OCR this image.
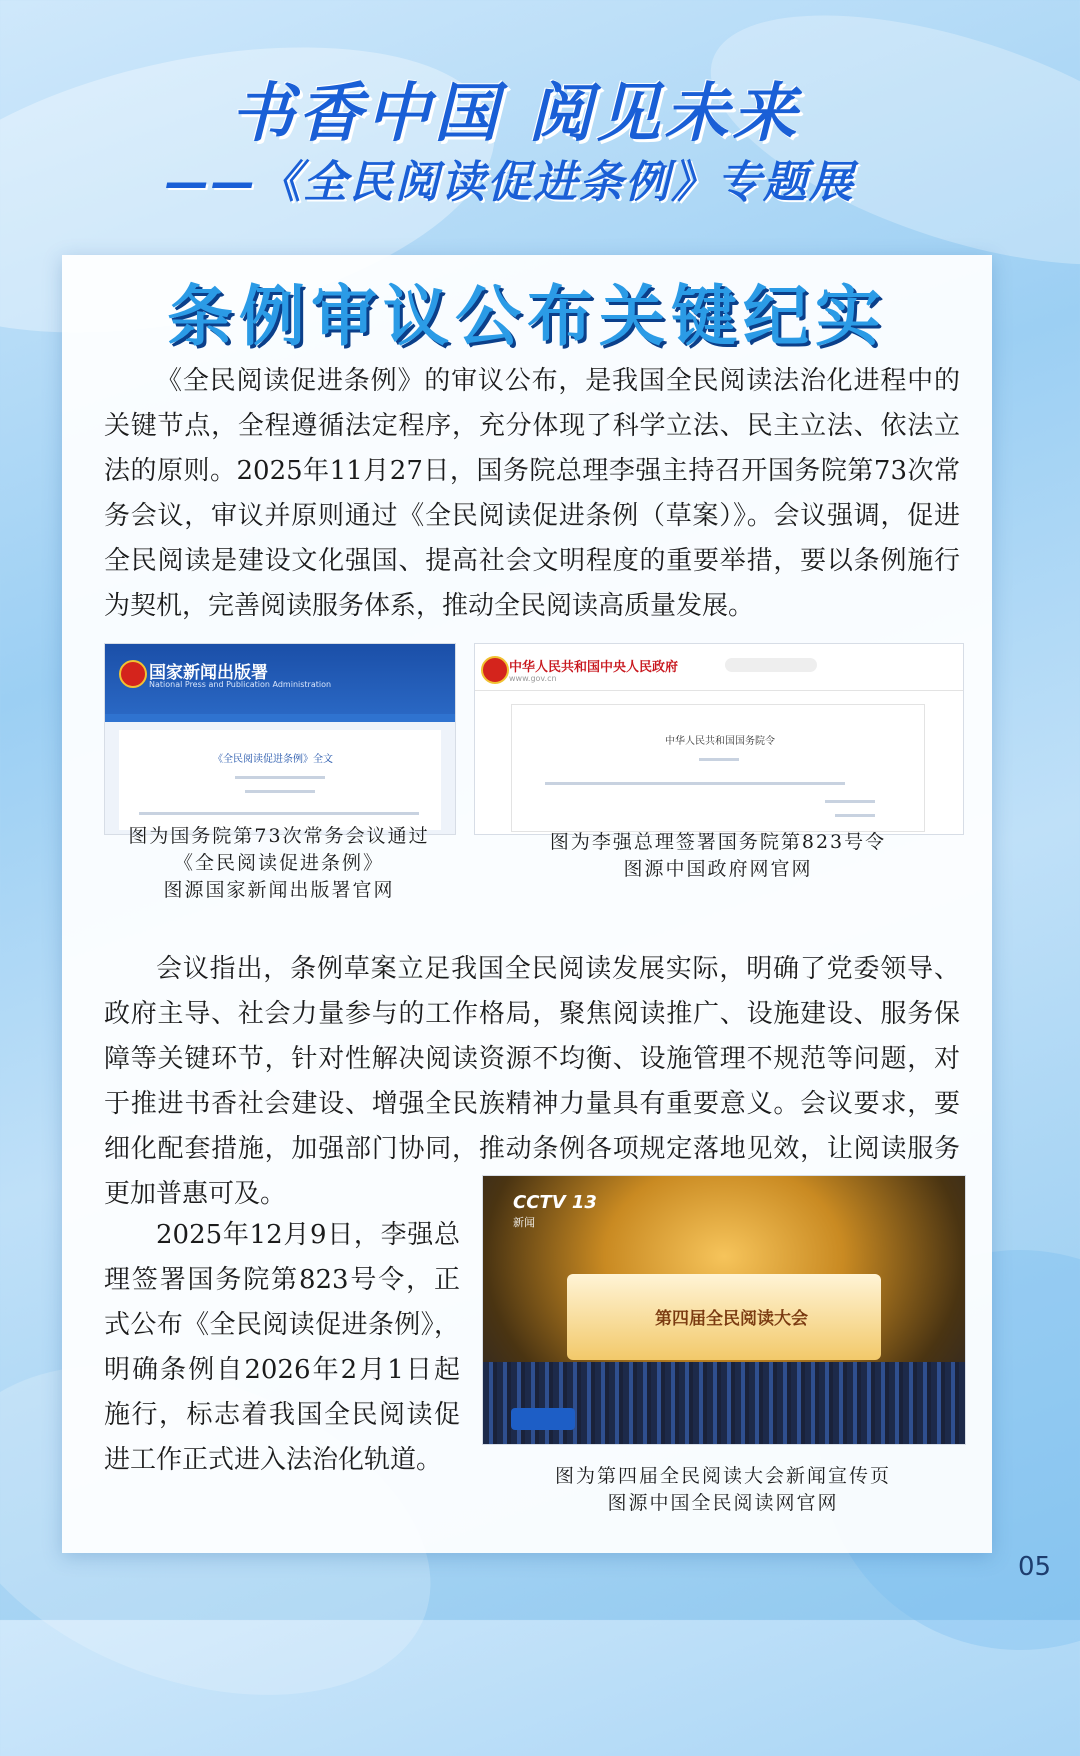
书香中国 阅见未来
——《全民阅读促进条例》专题展
条例审议公布关键纪实

《全民阅读促进条例》的审议公布，是我国全民阅读法治化进程中的关键节点，全程遵循法定程序，充分体现了科学立法、民主立法、依法立法的原则。2025年11月27日，国务院总理李强主持召开国务院第73次常务会议，审议并原则通过《全民阅读促进条例（草案）》。会议强调，促进全民阅读是建设文化强国、提高社会文明程度的重要举措，要以条例施行为契机，完善阅读服务体系，推动全民阅读高质量发展。

国家新闻出版署
National Press and Publication Administration
《全民阅读促进条例》全文
图为国务院第73次常务会议通过
《全民阅读促进条例》
图源国家新闻出版署官网
中华人民共和国中央人民政府
www.gov.cn
中华人民共和国国务院令
图为李强总理签署国务院第823号令
图源中国政府网官网

会议指出，条例草案立足我国全民阅读发展实际，明确了党委领导、政府主导、社会力量参与的工作格局，聚焦阅读推广、设施建设、服务保障等关键环节，针对性解决阅读资源不均衡、设施管理不规范等问题，对于推进书香社会建设、增强全民族精神力量具有重要意义。会议要求，要细化配套措施，加强部门协同，推动条例各项规定落地见效，让阅读服务更加普惠可及。

2025年12月9日，李强总理签署国务院第823号令，正式公布《全民阅读促进条例》，明确条例自2026年2月1日起施行，标志着我国全民阅读促进工作正式进入法治化轨道。

CCTV 13
新闻
第四届全民阅读大会
图为第四届全民阅读大会新闻宣传页
图源中国全民阅读网官网
05
